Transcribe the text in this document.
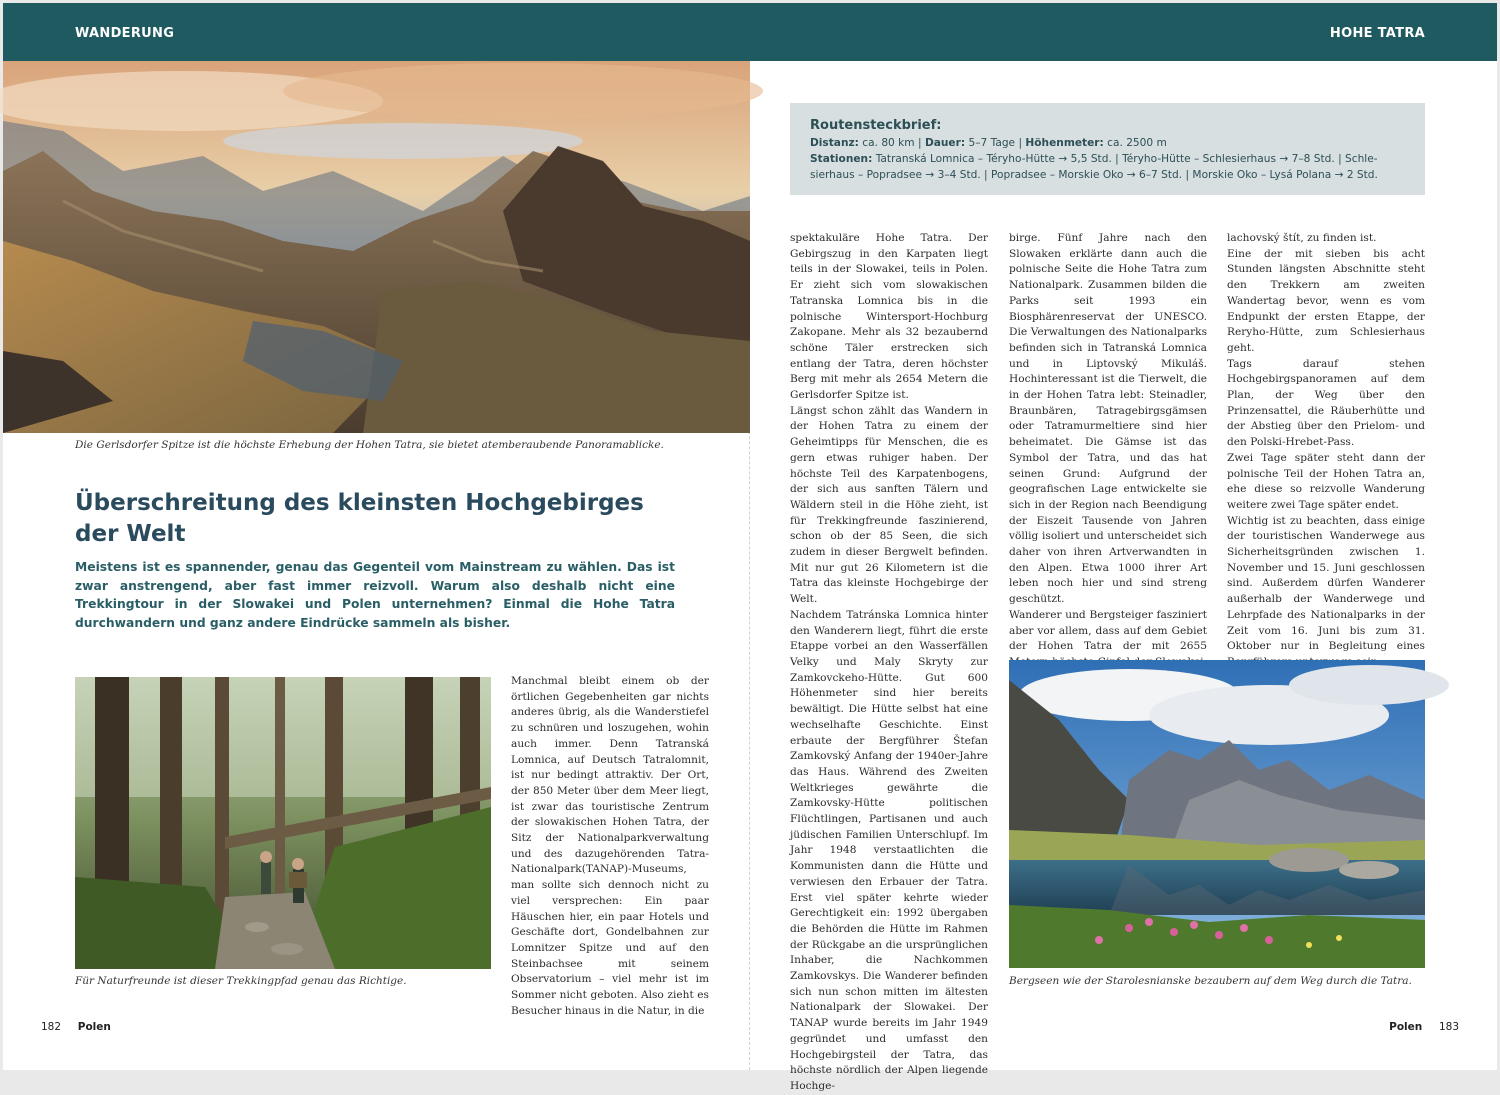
WANDERUNG	HOHE TATRA
Die Gerlsdorfer Spitze ist die höchste Erhebung der Hohen Tatra, sie bietet atemberaubende Panoramablicke.
Überschreitung des kleinsten Hochgebirges der Welt
Meistens ist es spannender, genau das Gegenteil vom Mainstream zu wählen. Das ist zwar anstrengend, aber fast immer reizvoll. Warum also deshalb nicht eine Trekkingtour in der Slowakei und Polen unternehmen? Einmal die Hohe Tatra durchwandern und ganz andere Eindrücke sammeln als bisher.
Für Naturfreunde ist dieser Trekkingpfad genau das Richtige.

Manchmal bleibt einem ob der örtlichen Gegebenheiten gar nichts anderes übrig, als die Wanderstiefel zu schnüren und loszugehen, wohin auch immer. Denn Tatranská Lomnica, auf Deutsch Tatralomnit, ist nur bedingt attraktiv. Der Ort, der 850 Meter über dem Meer liegt, ist zwar das touristische Zentrum der slowakischen Hohen Tatra, der Sitz der Nationalparkverwaltung und des dazugehörenden Tatra-Nationalpark(TANAP)-Museums, man sollte sich dennoch nicht zu viel versprechen: Ein paar Häuschen hier, ein paar Hotels und Geschäfte dort, Gondelbahnen zur Lomnitzer Spitze und auf den Steinbachsee mit seinem Observatorium – viel mehr ist im Sommer nicht geboten. Also zieht es Besucher hinaus in die Natur, in die

Routensteckbrief:
Distanz: ca. 80 km | Dauer: 5–7 Tage | Höhenmeter: ca. 2500 m
Stationen: Tatranská Lomnica – Téryho-Hütte → 5,5 Std. | Téryho-Hütte – Schlesierhaus → 7–8 Std. | Schle-
sierhaus – Popradsee → 3–4 Std. | Popradsee – Morskie Oko → 6–7 Std. | Morskie Oko – Lysá Polana → 2 Std.

spektakuläre Hohe Tatra. Der Gebirgszug in den Karpaten liegt teils in der Slowakei, teils in Polen. Er zieht sich vom slowakischen Tatranska Lomnica bis in die polnische Wintersport-Hochburg Zakopane. Mehr als 32 bezaubernd schöne Täler erstrecken sich entlang der Tatra, deren höchster Berg mit mehr als 2654 Metern die Gerlsdorfer Spitze ist.

Längst schon zählt das Wandern in der Hohen Tatra zu einem der Geheimtipps für Menschen, die es gern etwas ruhiger haben. Der höchste Teil des Karpatenbogens, der sich aus sanften Tälern und Wäldern steil in die Höhe zieht, ist für Trekkingfreunde faszinierend, schon ob der 85 Seen, die sich zudem in dieser Bergwelt befinden. Mit nur gut 26 Kilometern ist die Tatra das kleinste Hochgebirge der Welt.

Nachdem Tatránska Lomnica hinter den Wanderern liegt, führt die erste Etappe vorbei an den Wasserfällen Velky und Maly Skryty zur Zamkovckeho-Hütte. Gut 600 Höhenmeter sind hier bereits bewältigt. Die Hütte selbst hat eine wechselhafte Geschichte. Einst erbaute der Bergführer Štefan Zamkovský Anfang der 1940er-Jahre das Haus. Während des Zweiten Weltkrieges gewährte die Zamkovsky-Hütte politischen Flüchtlingen, Partisanen und auch jüdischen Familien Unterschlupf. Im Jahr 1948 verstaatlichten die Kommunisten dann die Hütte und verwiesen den Erbauer der Tatra. Erst viel später kehrte wieder Gerechtigkeit ein: 1992 übergaben die Behörden die Hütte im Rahmen der Rückgabe an die ursprünglichen Inhaber, die Nachkommen Zamkovskys. Die Wanderer befinden sich nun schon mitten im ältesten Nationalpark der Slowakei. Der TANAP wurde bereits im Jahr 1949 gegründet und umfasst den Hochgebirgsteil der Tatra, das höchste nördlich der Alpen liegende Hochge-

birge. Fünf Jahre nach den Slowaken erklärte dann auch die polnische Seite die Hohe Tatra zum Nationalpark. Zusammen bilden die Parks seit 1993 ein Biosphärenreservat der UNESCO. Die Verwaltungen des Nationalparks befinden sich in Tatranská Lomnica und in Liptovský Mikuláš. Hochinteressant ist die Tierwelt, die in der Hohen Tatra lebt: Steinadler, Braunbären, Tatragebirgsgämsen oder Tatramurmeltiere sind hier beheimatet. Die Gämse ist das Symbol der Tatra, und das hat seinen Grund: Aufgrund der geografischen Lage entwickelte sie sich in der Region nach Beendigung der Eiszeit Tausende von Jahren völlig isoliert und unterscheidet sich daher von ihren Artverwandten in den Alpen. Etwa 1000 ihrer Art leben noch hier und sind streng geschützt.

Wanderer und Bergsteiger fasziniert aber vor allem, dass auf dem Gebiet der Hohen Tatra der mit 2655

lachovský štít, zu finden ist.

Eine der mit sieben bis acht Stunden längsten Abschnitte steht den Trekkern am zweiten Wandertag bevor, wenn es vom Endpunkt der ersten Etappe, der Reryho-Hütte, zum Schlesierhaus geht.

Tags darauf stehen Hochgebirgspanoramen auf dem Plan, der Weg über den Prinzensattel, die Räuberhütte und der Abstieg über den Prielom- und den Polski-Hrebet-Pass.

Zwei Tage später steht dann der polnische Teil der Hohen Tatra an, ehe diese so reizvolle Wanderung weitere zwei Tage später endet.

Wichtig ist zu beachten, dass einige der touristischen Wanderwege aus Sicherheitsgründen zwischen 1. November und 15. Juni geschlossen sind. Außerdem dürfen Wanderer außerhalb der Wanderwege und Lehrpfade des Nationalparks in der Zeit vom 16. Juni bis zum 31. Oktober nur in Begleitung eines

Bergseen wie der Starolesnianske bezaubern auf dem Weg durch die Tatra.
182 Polen	Polen 183
